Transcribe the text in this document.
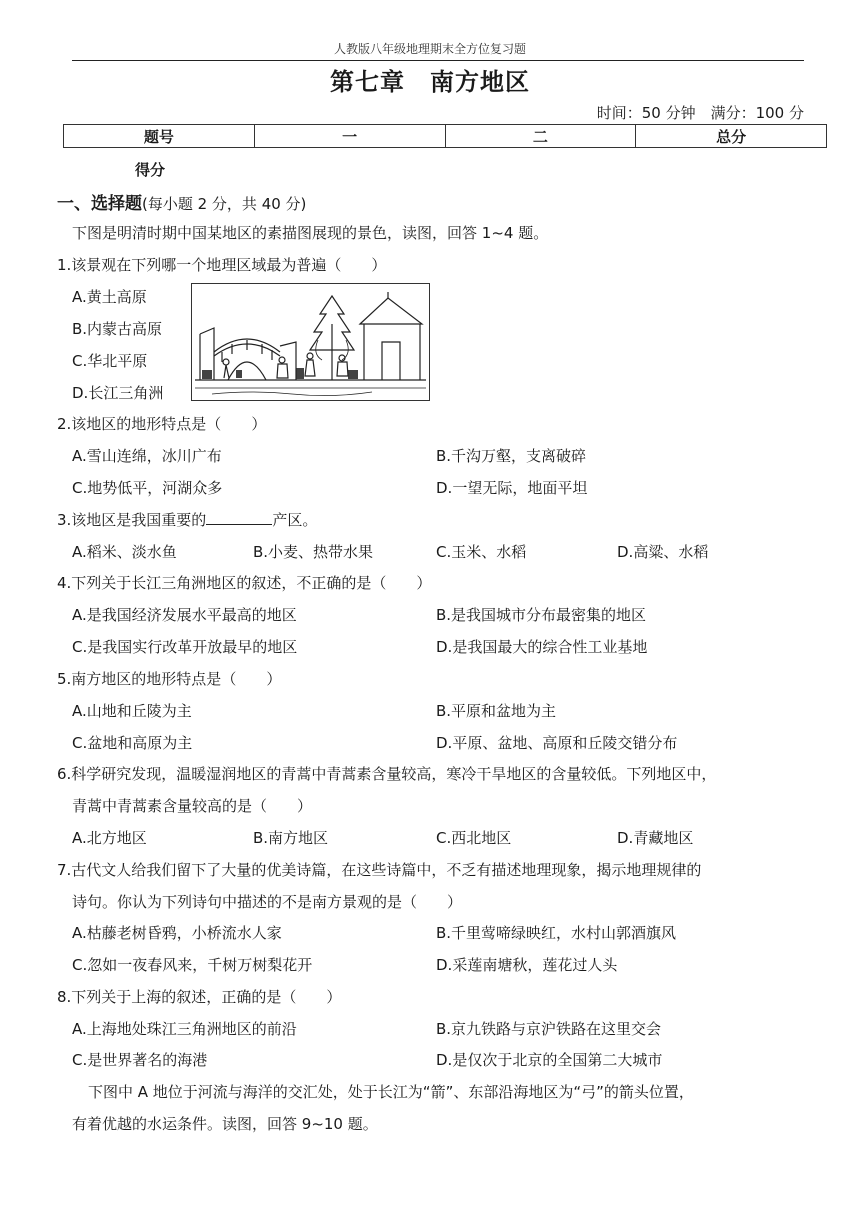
人教版八年级地理期末全方位复习题
第七章　南方地区
时间：50 分钟　满分：100 分
题号	一	二	总分
得分
一、选择题(每小题 2 分，共 40 分)
下图是明清时期中国某地区的素描图展现的景色，读图，回答 1~4 题。
1.该景观在下列哪一个地理区域最为普遍（　　）
A.黄土高原
B.内蒙古高原
C.华北平原
D.长江三角洲
2.该地区的地形特点是（　　）
A.雪山连绵，冰川广布	B.千沟万壑，支离破碎
C.地势低平，河湖众多	D.一望无际，地面平坦
3.该地区是我国重要的	产区。
A.稻米、淡水鱼	B.小麦、热带水果	C.玉米、水稻	D.高粱、水稻
4.下列关于长江三角洲地区的叙述，不正确的是（　　）
A.是我国经济发展水平最高的地区	B.是我国城市分布最密集的地区
C.是我国实行改革开放最早的地区	D.是我国最大的综合性工业基地
5.南方地区的地形特点是（　　）
A.山地和丘陵为主	B.平原和盆地为主
C.盆地和高原为主	D.平原、盆地、高原和丘陵交错分布
6.科学研究发现，温暖湿润地区的青蒿中青蒿素含量较高，寒冷干旱地区的含量较低。下列地区中，
青蒿中青蒿素含量较高的是（　　）
A.北方地区	B.南方地区	C.西北地区	D.青藏地区
7.古代文人给我们留下了大量的优美诗篇，在这些诗篇中，不乏有描述地理现象，揭示地理规律的
诗句。你认为下列诗句中描述的不是南方景观的是（　　）
A.枯藤老树昏鸦，小桥流水人家	B.千里莺啼绿映红，水村山郭酒旗风
C.忽如一夜春风来，千树万树梨花开	D.采莲南塘秋，莲花过人头
8.下列关于上海的叙述，正确的是（　　）
A.上海地处珠江三角洲地区的前沿	B.京九铁路与京沪铁路在这里交会
C.是世界著名的海港	D.是仅次于北京的全国第二大城市
下图中 A 地位于河流与海洋的交汇处，处于长江为“箭”、东部沿海地区为“弓”的箭头位置，
有着优越的水运条件。读图，回答 9~10 题。
